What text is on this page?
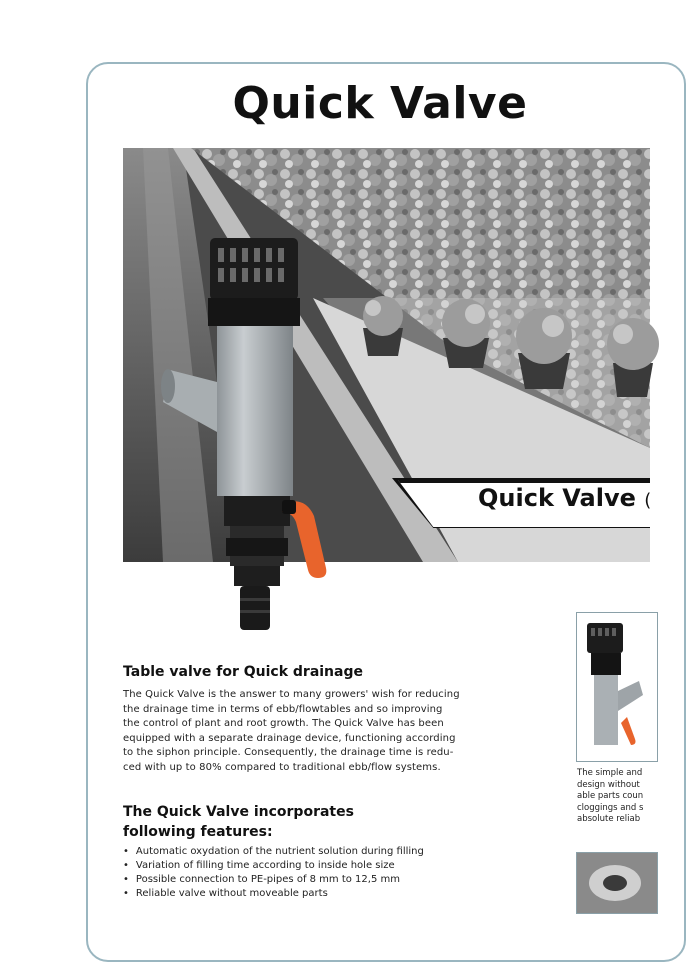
Quick Valve
Quick Valve (
Table valve for Quick drainage
The Quick Valve is the answer to many growers' wish for reducing
the drainage time in terms of ebb/flowtables and so improving
the control of plant and root growth. The Quick Valve has been
equipped with a separate drainage device, functioning according
to the siphon principle. Consequently, the drainage time is redu-
ced with up to 80% compared to traditional ebb/flow systems.
The Quick Valve incorporates
following features:
• Automatic oxydation of the nutrient solution during filling
• Variation of filling time according to inside hole size
• Possible connection to PE-pipes of 8 mm to 12,5 mm
• Reliable valve without moveable parts
The simple and
design without
able parts coun
cloggings and s
absolute reliab
